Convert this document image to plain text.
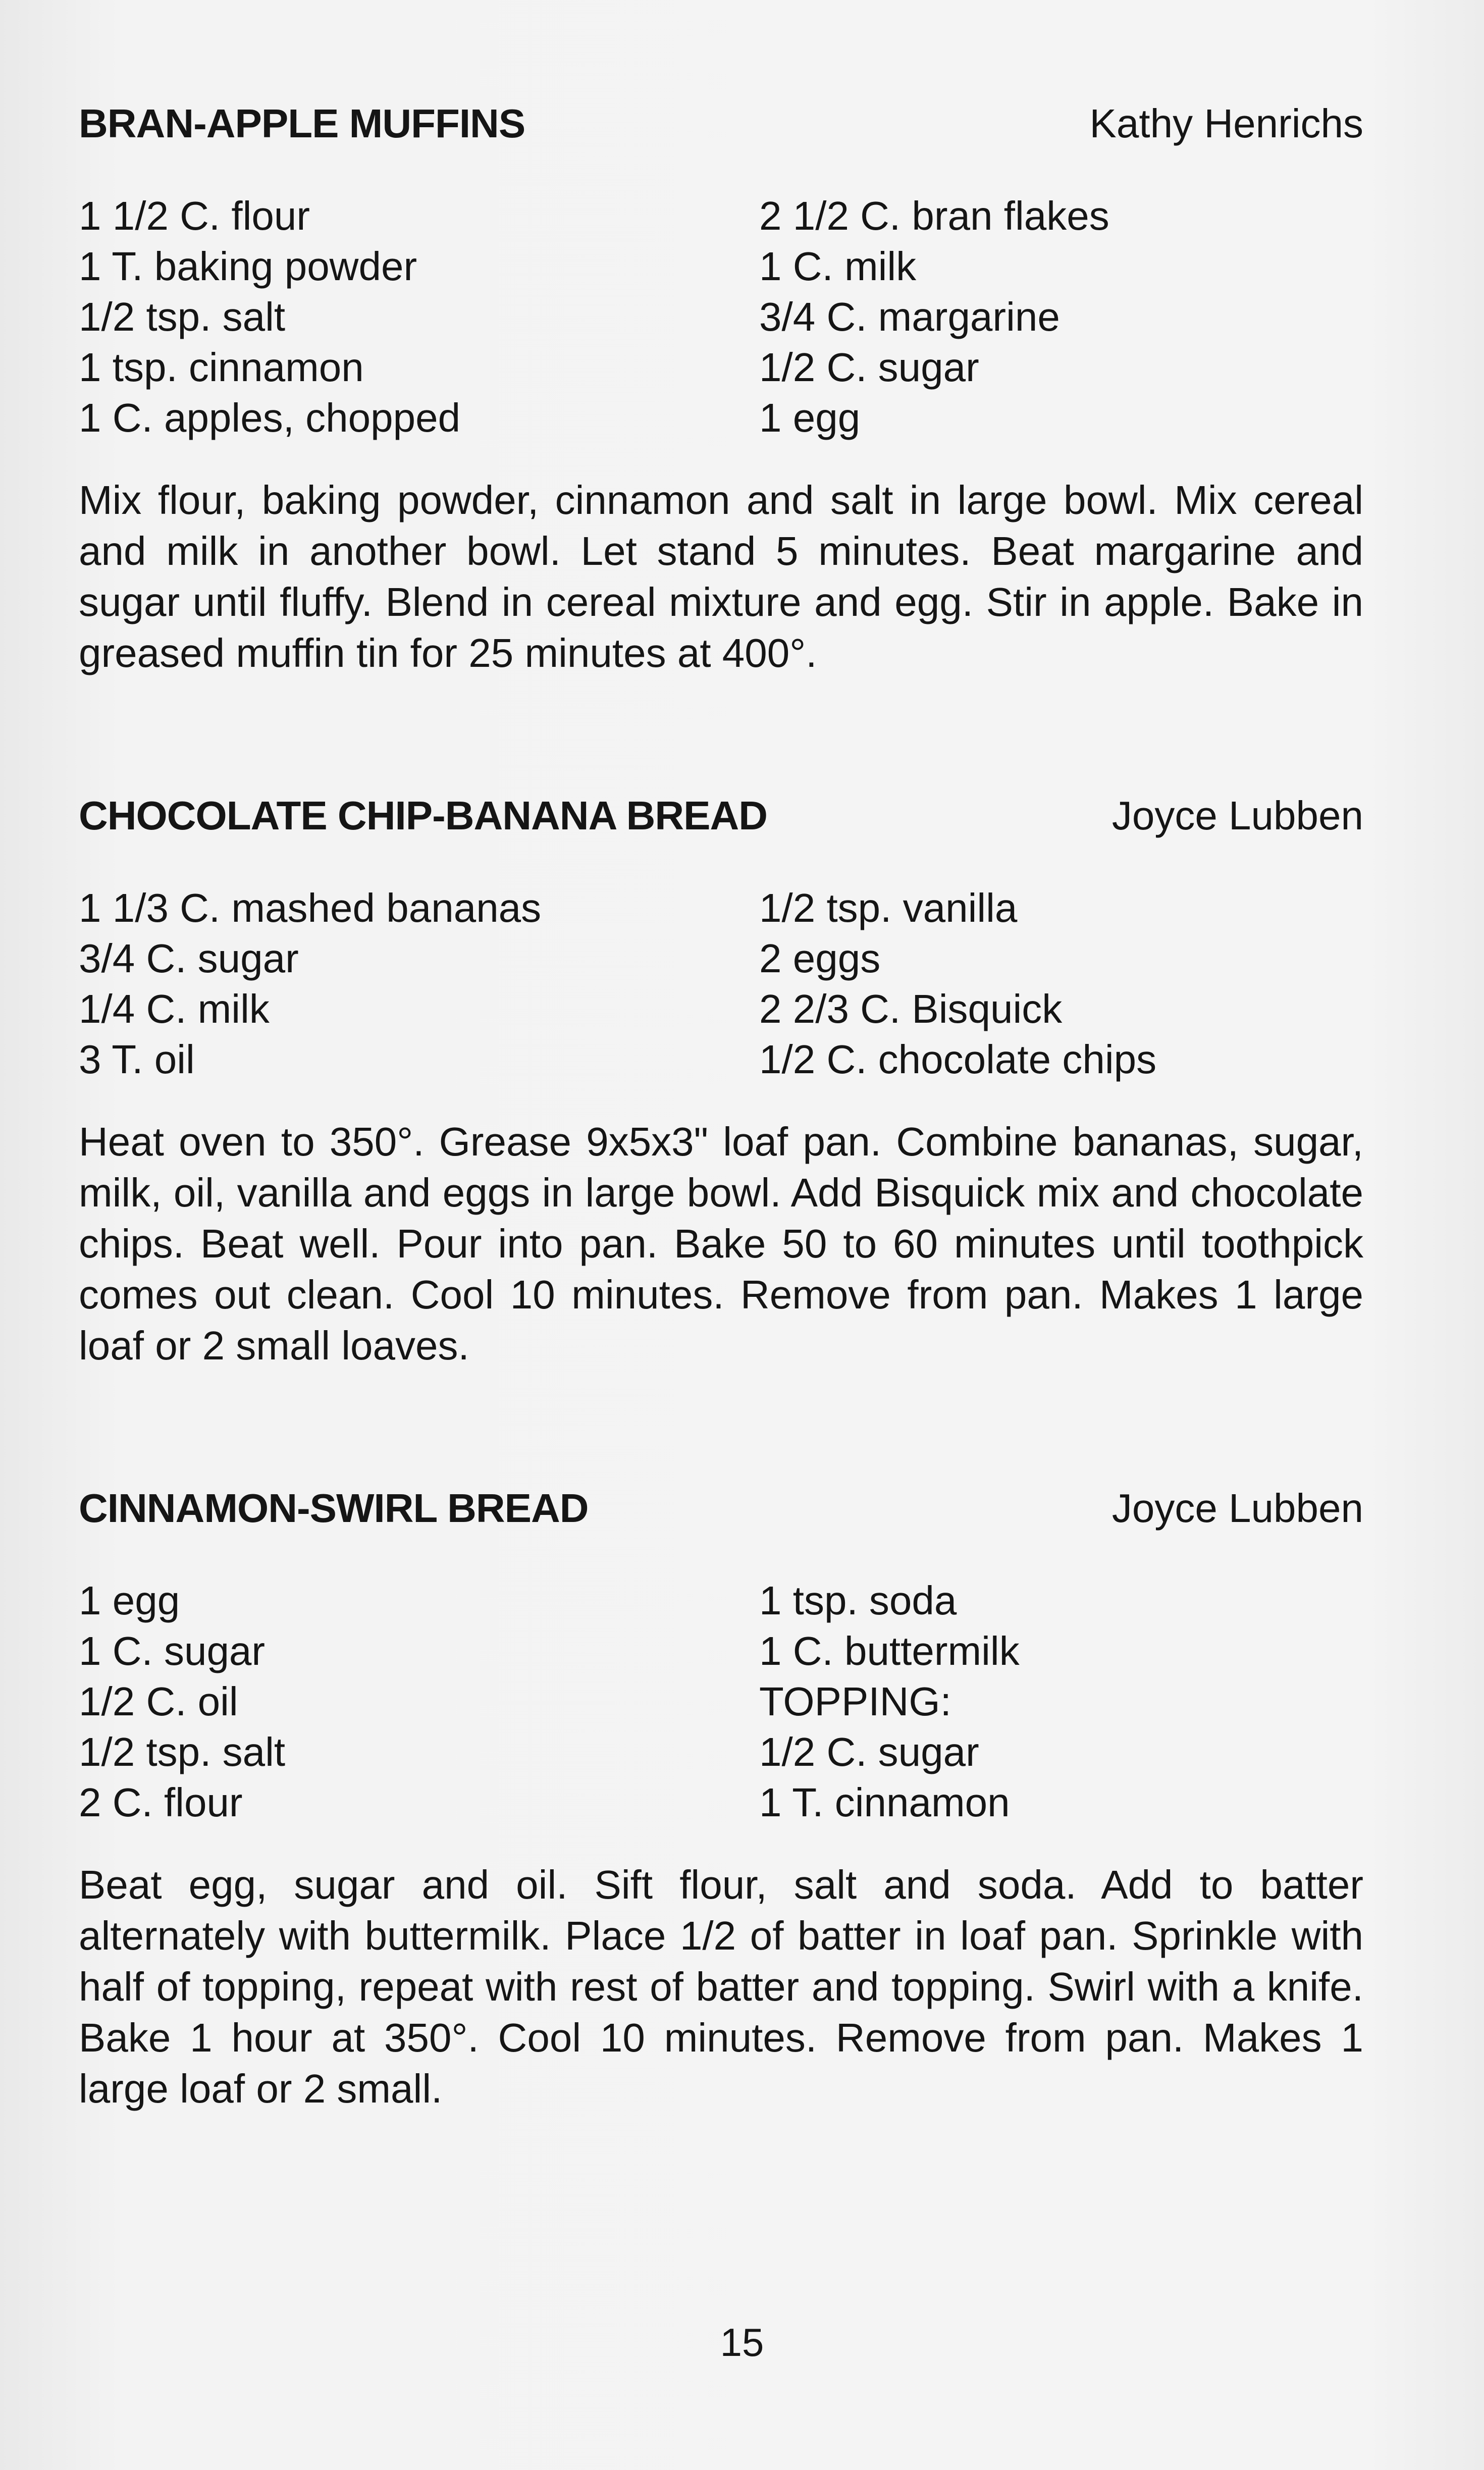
BRAN-APPLE MUFFINS	Kathy Henrichs
1 1/2 C. flour
1 T. baking powder
1/2 tsp. salt
1 tsp. cinnamon
1 C. apples, chopped
2 1/2 C. bran flakes
1 C. milk
3/4 C. margarine
1/2 C. sugar
1 egg

Mix flour, baking powder, cinnamon and salt in large bowl. Mix cereal and milk in another bowl. Let stand 5 minutes. Beat margarine and sugar until fluffy. Blend in cereal mixture and egg. Stir in apple. Bake in greased muffin tin for 25 minutes at 400°.

CHOCOLATE CHIP-BANANA BREAD	Joyce Lubben
1 1/3 C. mashed bananas
3/4 C. sugar
1/4 C. milk
3 T. oil
1/2 tsp. vanilla
2 eggs
2 2/3 C. Bisquick
1/2 C. chocolate chips

Heat oven to 350°. Grease 9x5x3" loaf pan. Combine bananas, sugar, milk, oil, vanilla and eggs in large bowl. Add Bisquick mix and chocolate chips. Beat well. Pour into pan. Bake 50 to 60 minutes until toothpick comes out clean. Cool 10 minutes. Remove from pan. Makes 1 large loaf or 2 small loaves.

CINNAMON-SWIRL BREAD	Joyce Lubben
1 egg
1 C. sugar
1/2 C. oil
1/2 tsp. salt
2 C. flour
1 tsp. soda
1 C. buttermilk
TOPPING:
1/2 C. sugar
1 T. cinnamon

Beat egg, sugar and oil. Sift flour, salt and soda. Add to batter alternately with buttermilk. Place 1/2 of batter in loaf pan. Sprinkle with half of topping, repeat with rest of batter and topping. Swirl with a knife. Bake 1 hour at 350°. Cool 10 minutes. Remove from pan. Makes 1 large loaf or 2 small.

15
